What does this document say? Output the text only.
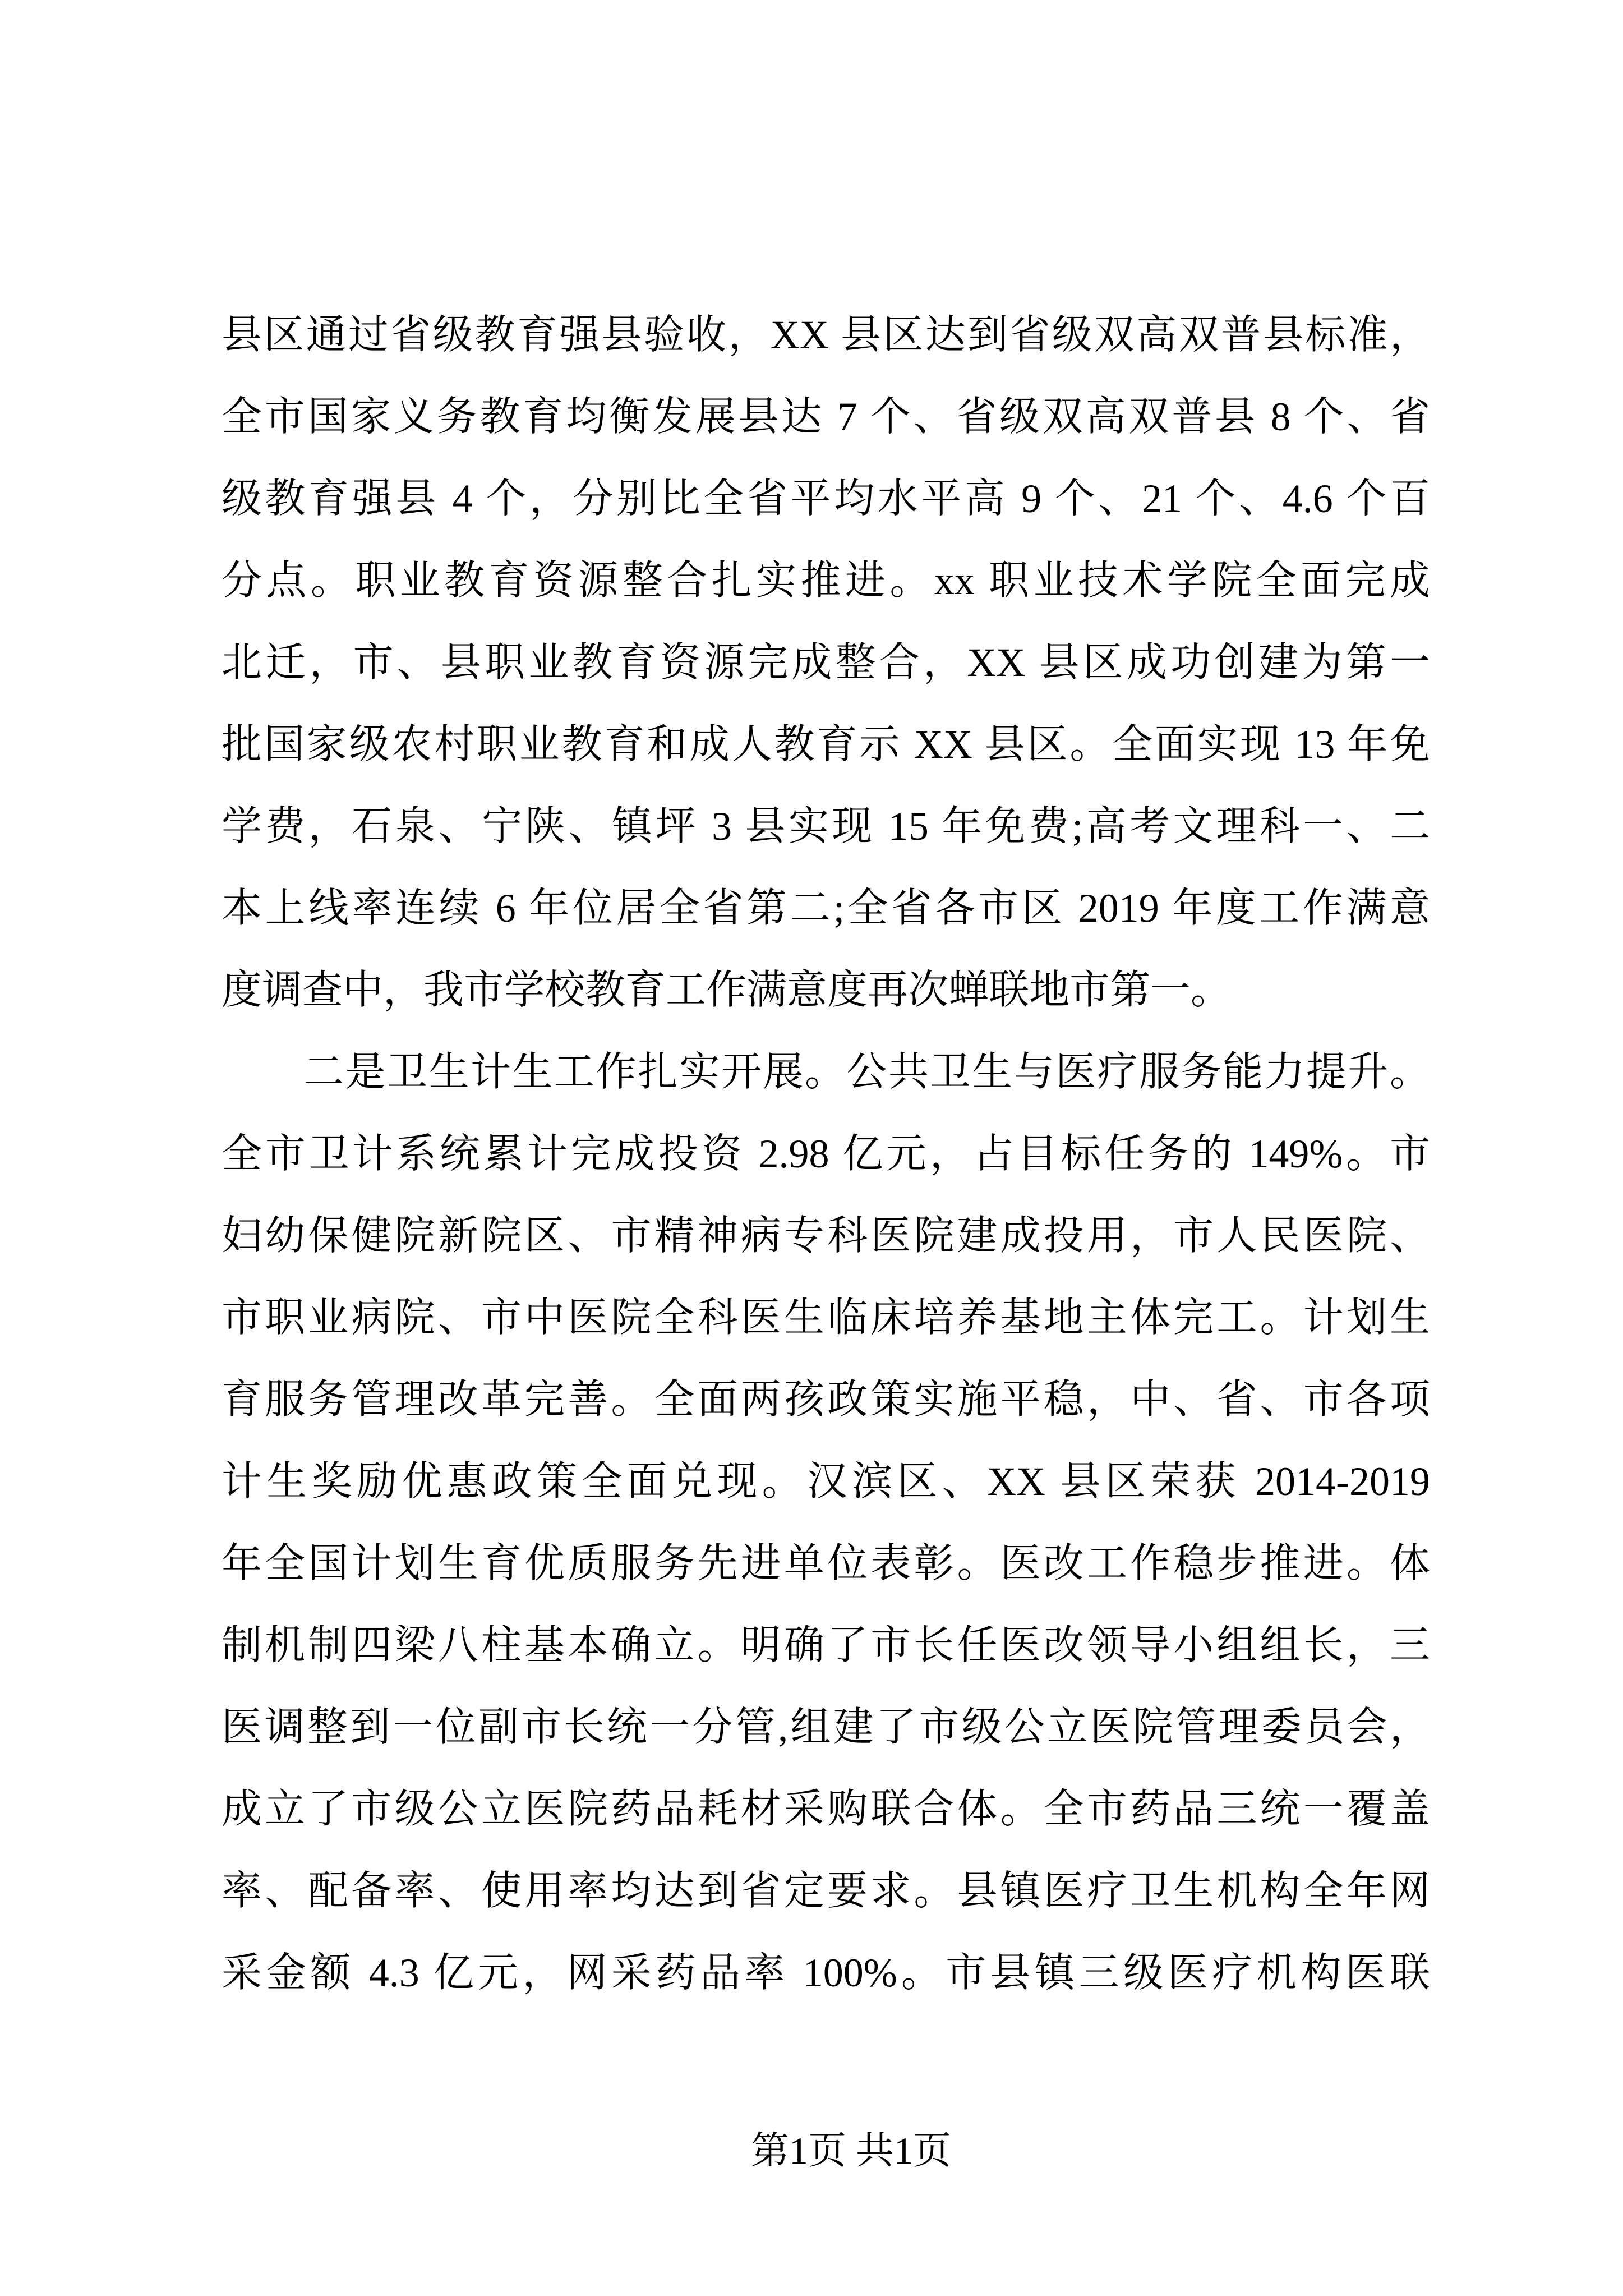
县区通过省级教育强县验收，XX 县区达到省级双高双普县标准，
全市国家义务教育均衡发展县达 7 个、省级双高双普县 8 个、省
级教育强县 4 个，分别比全省平均水平高 9 个、21 个、4.6 个百
分点。职业教育资源整合扎实推进。xx 职业技术学院全面完成
北迁，市、县职业教育资源完成整合，XX 县区成功创建为第一
批国家级农村职业教育和成人教育示 XX 县区。全面实现 13 年免
学费，石泉、宁陕、镇坪 3 县实现 15 年免费;高考文理科一、二
本上线率连续 6 年位居全省第二;全省各市区 2019 年度工作满意
度调查中，我市学校教育工作满意度再次蝉联地市第一。
二是卫生计生工作扎实开展。公共卫生与医疗服务能力提升。
全市卫计系统累计完成投资 2.98 亿元，占目标任务的 149%。市
妇幼保健院新院区、市精神病专科医院建成投用，市人民医院、
市职业病院、市中医院全科医生临床培养基地主体完工。计划生
育服务管理改革完善。全面两孩政策实施平稳，中、省、市各项
计生奖励优惠政策全面兑现。汉滨区、XX 县区荣获 2014-2019
年全国计划生育优质服务先进单位表彰。医改工作稳步推进。体
制机制四梁八柱基本确立。明确了市长任医改领导小组组长，三
医调整到一位副市长统一分管,组建了市级公立医院管理委员会，
成立了市级公立医院药品耗材采购联合体。全市药品三统一覆盖
率、配备率、使用率均达到省定要求。县镇医疗卫生机构全年网
采金额 4.3 亿元，网采药品率 100%。市县镇三级医疗机构医联
第1页 共1页
